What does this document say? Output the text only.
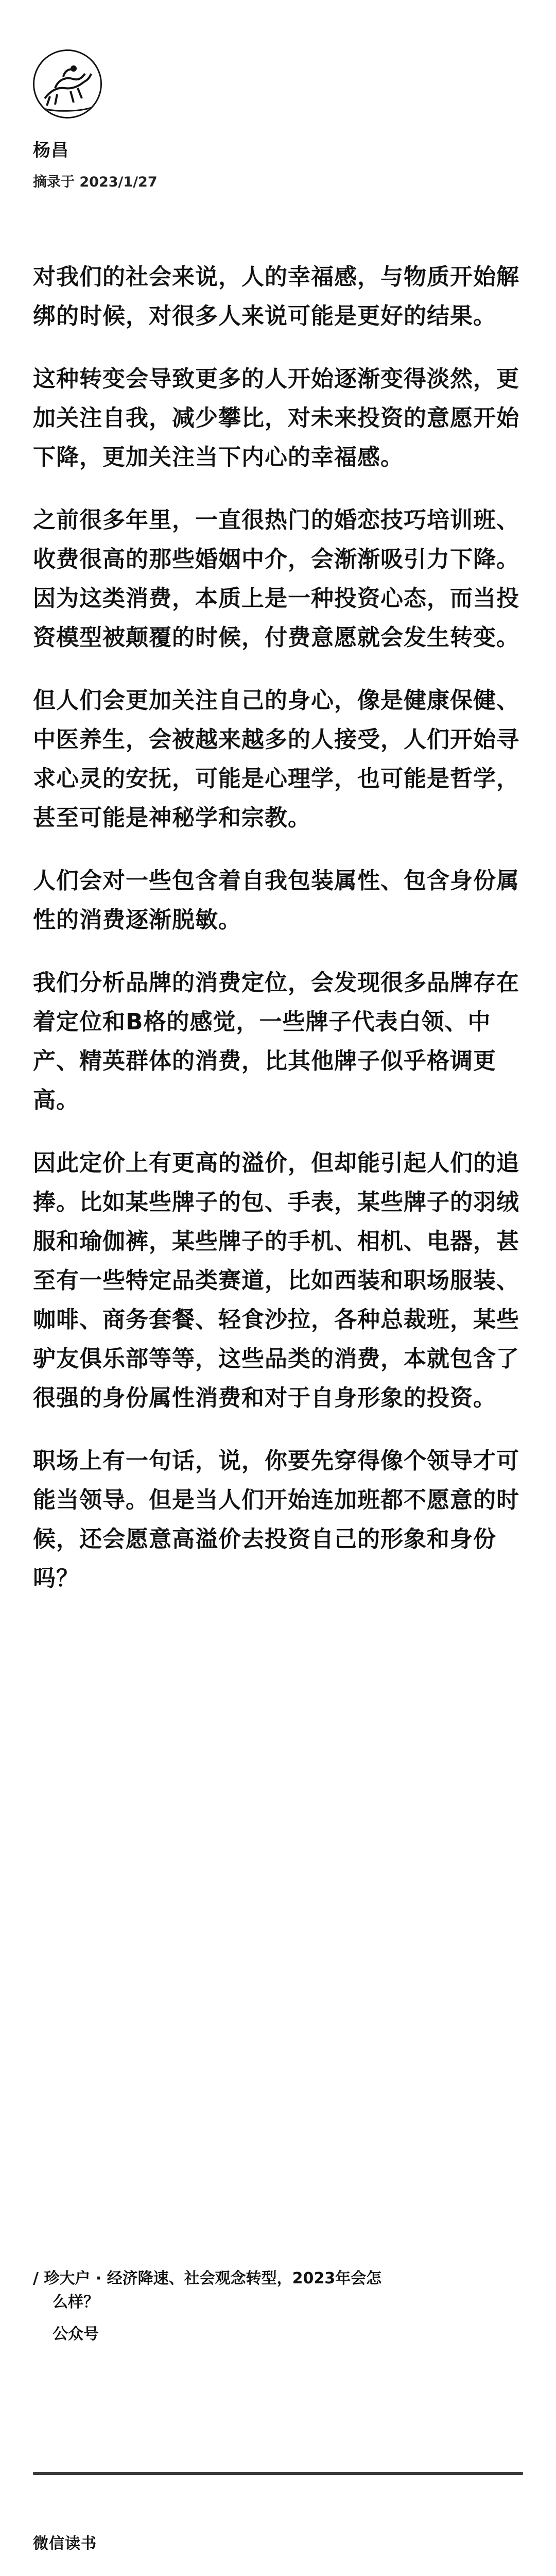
杨昌
摘录于 2023/1/27

对我们的社会来说，人的幸福感，与物质开始解绑的时候，对很多人来说可能是更好的结果。

这种转变会导致更多的人开始逐渐变得淡然，更加关注自我，减少攀比，对未来投资的意愿开始下降，更加关注当下内心的幸福感。

之前很多年里，一直很热门的婚恋技巧培训班、收费很高的那些婚姻中介，会渐渐吸引力下降。因为这类消费，本质上是一种投资心态，而当投资模型被颠覆的时候，付费意愿就会发生转变。

但人们会更加关注自己的身心，像是健康保健、中医养生，会被越来越多的人接受，人们开始寻求心灵的安抚，可能是心理学，也可能是哲学，甚至可能是神秘学和宗教。

人们会对一些包含着自我包装属性、包含身份属性的消费逐渐脱敏。

我们分析品牌的消费定位，会发现很多品牌存在着定位和B格的感觉，一些牌子代表白领、中产、精英群体的消费，比其他牌子似乎格调更高。

因此定价上有更高的溢价，但却能引起人们的追捧。比如某些牌子的包、手表，某些牌子的羽绒服和瑜伽裤，某些牌子的手机、相机、电器，甚至有一些特定品类赛道，比如西装和职场服装、咖啡、商务套餐、轻食沙拉，各种总裁班，某些驴友俱乐部等等，这些品类的消费，本就包含了很强的身份属性消费和对于自身形象的投资。

职场上有一句话，说，你要先穿得像个领导才可能当领导。但是当人们开始连加班都不愿意的时候，还会愿意高溢价去投资自己的形象和身份吗？

/ 珍大户 · 经济降速、社会观念转型，2023年会怎
么样？
公众号
微信读书
